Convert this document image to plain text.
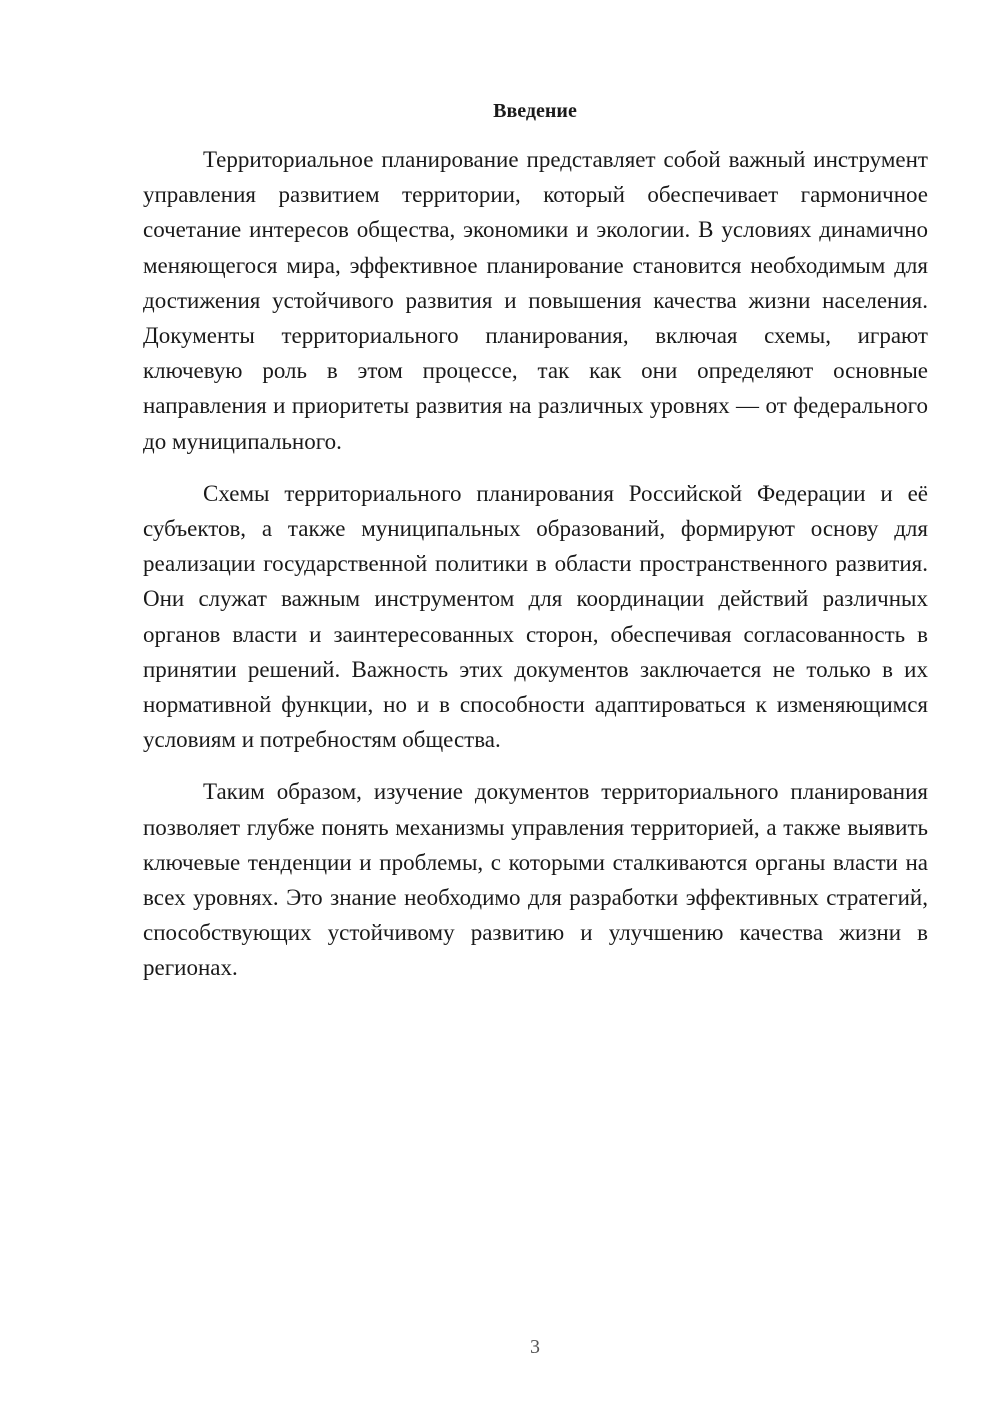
Введение

Территориальное планирование представляет собой важный инструмент управления развитием территории, который обеспечивает гармоничное сочетание интересов общества, экономики и экологии. В условиях динамично меняющегося мира, эффективное планирование становится необходимым для достижения устойчивого развития и повышения качества жизни населения. Документы территориального планирования, включая схемы, играют ключевую роль в этом процессе, так как они определяют основные направления и приоритеты развития на различных уровнях — от федерального до муниципального.

Схемы территориального планирования Российской Федерации и её субъектов, а также муниципальных образований, формируют основу для реализации государственной политики в области пространственного развития. Они служат важным инструментом для координации действий различных органов власти и заинтересованных сторон, обеспечивая согласованность в принятии решений. Важность этих документов заключается не только в их нормативной функции, но и в способности адаптироваться к изменяющимся условиям и потребностям общества.

Таким образом, изучение документов территориального планирования позволяет глубже понять механизмы управления территорией, а также выявить ключевые тенденции и проблемы, с которыми сталкиваются органы власти на всех уровнях. Это знание необходимо для разработки эффективных стратегий, способствующих устойчивому развитию и улучшению качества жизни в регионах.

3
